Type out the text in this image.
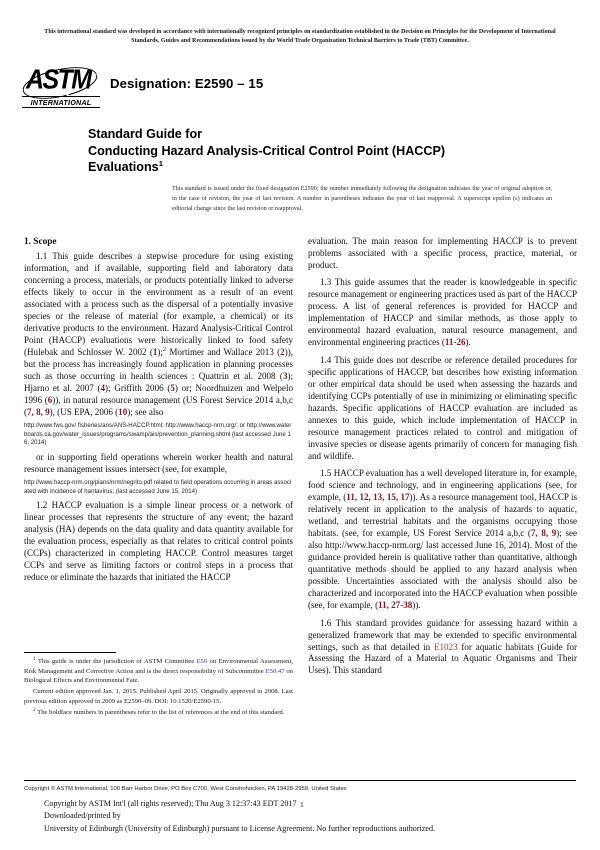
This international standard was developed in accordance with internationally recognized principles on standardization established in the Decision on Principles for the Development of International Standards, Guides and Recommendations issued by the World Trade Organization Technical Barriers to Trade (TBT) Committee.
ASTM
INTERNATIONAL
Designation: E2590 – 15
Standard Guide for
Conducting Hazard Analysis-Critical Control Point (HACCP)
Evaluations$^1$
This standard is issued under the fixed designation E2590; the number immediately following the designation indicates the year of original adoption or, in the case of revision, the year of last revision. A number in parentheses indicates the year of last reapproval. A superscript epsilon (ε) indicates an editorial change since the last revision or reapproval.
1. Scope

1.1 This guide describes a stepwise procedure for using existing information, and if available, supporting field and laboratory data concerning a process, materials, or products potentially linked to adverse effects likely to occur in the environment as a result of an event associated with a process such as the dispersal of a potentially invasive species or the release of material (for example, a chemical) or its derivative products to the environment. Hazard Analysis-Critical Control Point (HACCP) evaluations were historically linked to food safety (Hulebak and Schlosser W. 2002 (1);$^2$ Mortimer and Wallace 2013 (2)), but the process has increasingly found application in planning processes such as those occurring in health sciences : Quattrin et al. 2008 (3); Hjarno et al. 2007 (4); Griffith 2006 (5) or; Noordhuizen and Welpelo 1996 (6)), in natural resource management (US Forest Service 2014 a,b,c (7, 8, 9), (US EPA, 2006 (10); see also

http://www.fws.gov/ fisheries/ans/ANS-HACCP.html; http://www.haccp-nrm.org/; or http://www.waterboards.ca.gov/water_issues/programs/swamp/ais/prevention_planning.shtml (last accessed June 16, 2014)

or in supporting field operations wherein worker health and natural resource management issues intersect (see, for example,

http://www.haccp-nrm.org/plans/nrm/negrito.pdf related to field operations occurring in areas associated with incidence of hantavirus; (last accessed June 15, 2014)

1.2 HACCP evaluation is a simple linear process or a network of linear processes that represents the structure of any event; the hazard analysis (HA) depends on the data quality and data quantity available for the evaluation process, especially as that relates to critical control points (CCPs) characterized in completing HACCP. Control measures target CCPs and serve as limiting factors or control steps in a process that reduce or eliminate the hazards that initiated the HACCP

evaluation. The main reason for implementing HACCP is to prevent problems associated with a specific process, practice, material, or product.

1.3 This guide assumes that the reader is knowledgeable in specific resource management or engineering practices used as part of the HACCP process. A list of general references is provided for HACCP and implementation of HACCP and similar methods, as those apply to environmental hazard evaluation, natural resource management, and environmental engineering practices (11-26).

1.4 This guide does not describe or reference detailed procedures for specific applications of HACCP, but describes how existing information or other empirical data should be used when assessing the hazards and identifying CCPs potentially of use in minimizing or eliminating specific hazards. Specific applications of HACCP evaluation are included as annexes to this guide, which include implementation of HACCP in resource management practices related to control and mitigation of invasive species or disease agents primarily of concern for managing fish and wildlife.

1.5 HACCP evaluation has a well developed literature in, for example, food science and technology, and in engineering applications (see, for example, (11, 12, 13, 15, 17)). As a resource management tool, HACCP is relatively recent in application to the analysis of hazards to aquatic, wetland, and terrestrial habitats and the organisms occupying those habitats. (see, for example, US Forest Service 2014 a,b,c (7, 8, 9); see also http://www.haccp-nrm.org/ last accessed June 16, 2014). Most of the guidance provided herein is qualitative rather than quantitative, although quantitative methods should be applied to any hazard analysis when possible. Uncertainties associated with the analysis should also be characterized and incorporated into the HACCP evaluation when possible (see, for example, (11, 27-38)).

1.6 This standard provides guidance for assessing hazard within a generalized framework that may be extended to specific environmental settings, such as that detailed in E1023 for aquatic habitats (Guide for Assessing the Hazard of a Material to Aquatic Organisms and Their Uses). This standard

$^1$ This guide is under the jurisdiction of ASTM Committee E50 on Environmental Assessment, Risk Management and Corrective Action and is the direct responsibility of Subcommittee E50.47 on Biological Effects and Environmental Fate.

Current edition approved Jan. 1, 2015. Published April 2015. Originally approved in 2008. Last previous edition approved in 2009 as E2590–09. DOI: 10.1520/E2590-15.

$^2$ The boldface numbers in parentheses refer to the list of references at the end of this standard.

Copyright © ASTM International, 100 Barr Harbor Drive, PO Box C700, West Conshohocken, PA 19428-2959, United States
Copyright by ASTM Int'l (all rights reserved); Thu Aug 3 12:37:43 EDT 2017
Downloaded/printed by
University of Edinburgh (University of Edinburgh) pursuant to License Agreement. No further reproductions authorized.
1
